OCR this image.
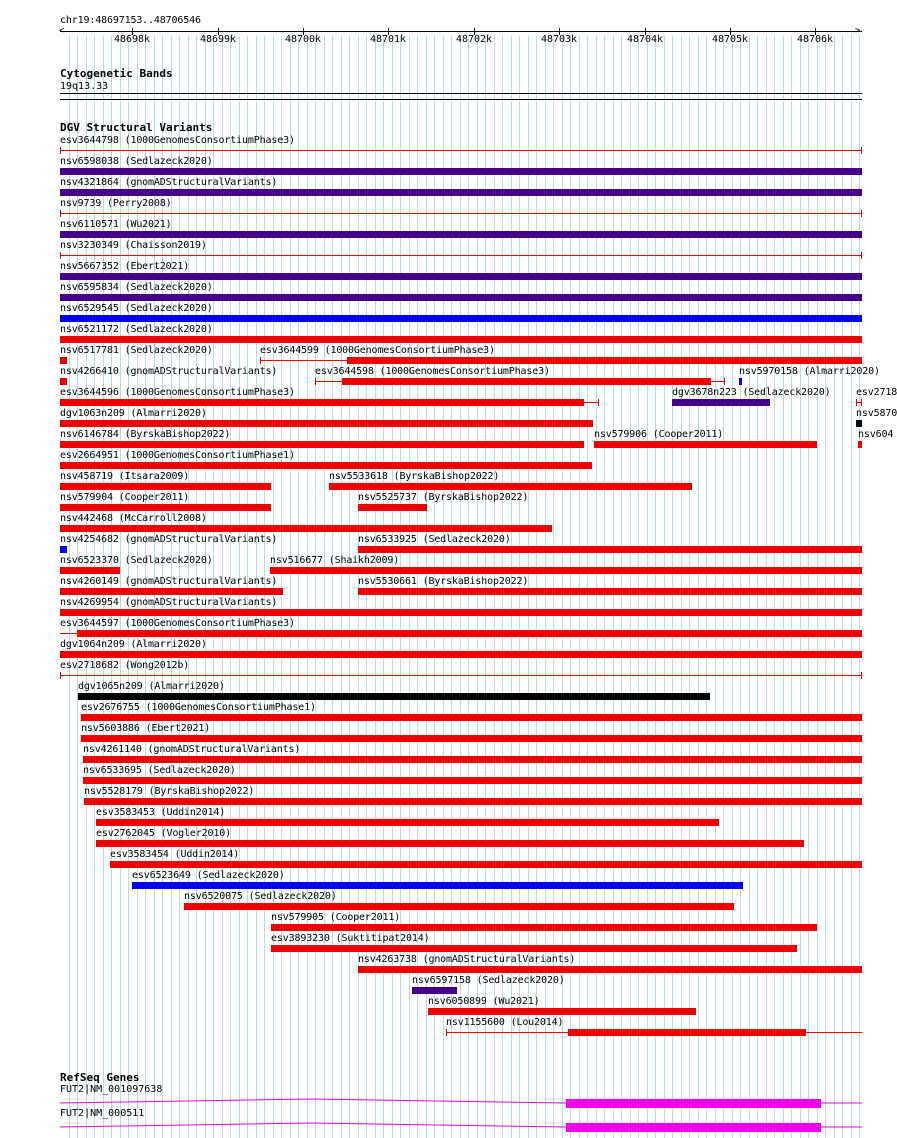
chr19:48697153..48706546
<	>
48698k	48699k	48700k	48701k	48702k	48703k	48704k	48705k	48706k
Cytogenetic Bands
19q13.33
DGV Structural Variants
esv3644798 (1000GenomesConsortiumPhase3)
nsv6598038 (Sedlazeck2020)
nsv4321864 (gnomADStructuralVariants)
nsv9739 (Perry2008)
nsv6110571 (Wu2021)
nsv3230349 (Chaisson2019)
nsv5667352 (Ebert2021)
nsv6595834 (Sedlazeck2020)
nsv6529545 (Sedlazeck2020)
nsv6521172 (Sedlazeck2020)
nsv6517781 (Sedlazeck2020)	esv3644599 (1000GenomesConsortiumPhase3)
nsv4266410 (gnomADStructuralVariants)	esv3644598 (1000GenomesConsortiumPhase3)	nsv5970158 (Almarri2020)
esv3644596 (1000GenomesConsortiumPhase3)	dgv3678n223 (Sedlazeck2020)	esv2718
dgv1063n209 (Almarri2020)	nsv5870
nsv6146784 (ByrskaBishop2022)	nsv579906 (Cooper2011)	nsv604
esv2664951 (1000GenomesConsortiumPhase1)
nsv458719 (Itsara2009)	nsv5533618 (ByrskaBishop2022)
nsv579904 (Cooper2011)	nsv5525737 (ByrskaBishop2022)
nsv442468 (McCarroll2008)
nsv4254682 (gnomADStructuralVariants)	nsv6533925 (Sedlazeck2020)
nsv6523370 (Sedlazeck2020)	nsv516677 (Shaikh2009)
nsv4260149 (gnomADStructuralVariants)	nsv5530661 (ByrskaBishop2022)
nsv4269954 (gnomADStructuralVariants)
esv3644597 (1000GenomesConsortiumPhase3)
dgv1064n209 (Almarri2020)
esv2718682 (Wong2012b)
dgv1065n209 (Almarri2020)
esv2676755 (1000GenomesConsortiumPhase1)
nsv5603886 (Ebert2021)
nsv4261140 (gnomADStructuralVariants)
nsv6533695 (Sedlazeck2020)
nsv5528179 (ByrskaBishop2022)
esv3583453 (Uddin2014)
esv2762045 (Vogler2010)
esv3583454 (Uddin2014)
esv6523649 (Sedlazeck2020)
nsv6520075 (Sedlazeck2020)
nsv579905 (Cooper2011)
esv3893230 (Suktitipat2014)
nsv4263738 (gnomADStructuralVariants)
nsv6597158 (Sedlazeck2020)
nsv6050899 (Wu2021)
nsv1155600 (Lou2014)
RefSeq Genes
FUT2|NM_001097638
FUT2|NM_000511
